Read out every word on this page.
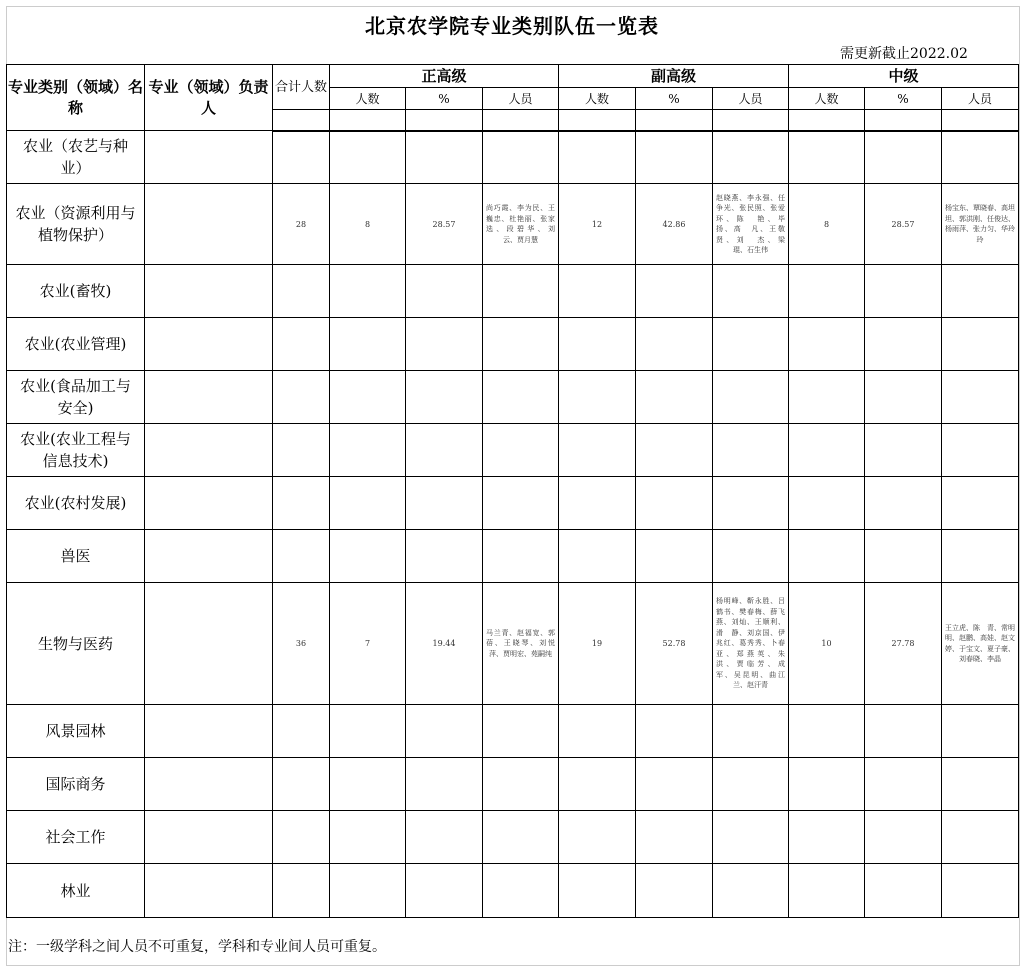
北京农学院专业类别队伍一览表
需更新截止2022.02
专业类别（领域）名称	专业（领域）负责人	合计人数	正高级			副高级			中级		
			人数	%	人员	人数	%	人员	人数	%	人员

农业（农艺与种业）											
农业（资源利用与植物保护）		28	8	28.57	尚巧霞、李为民、王巍忠、杜艳丽、张家选、段碧华、刘　云、贾月慧	12	42.86	赵晓燕、李永强、任争光、张民照、张爱环、陈　艳、毕　扬、高　凡、王敬贤、刘　杰、梁　琨、石生伟	8	28.57	杨宝东、覃晓春、高坦坦、郭洪刚、任俊达、杨雨萍、张力匀、华玲玲
农业(畜牧)											
农业(农业管理)											
农业(食品加工与安全)											
农业(农业工程与信息技术)											
农业(农村发展)											
兽医											
生物与医药		36	7	19.44	马兰青、赵福宽、郭　蓓、王晓琴、刘悦萍、贾明宏、苑嗣纯	19	52.78	杨明峰、靳永胜、吕鹤书、樊春梅、薛飞燕、刘灿、王顺利、滑　静、刘京国、伊兆红、葛秀秀、卜春亚、郑燕英、朱　洪、贾临芳、成　军、吴昆明、曲江兰、赵汗青	10	27.78	王立虎、陈　青、常明明、赵鹏、高娃、赵文婷、于宝文、夏子豪、刘春晓、李晶
风景园林											
国际商务											
社会工作											
林业											
注：一级学科之间人员不可重复，学科和专业间人员可重复。
